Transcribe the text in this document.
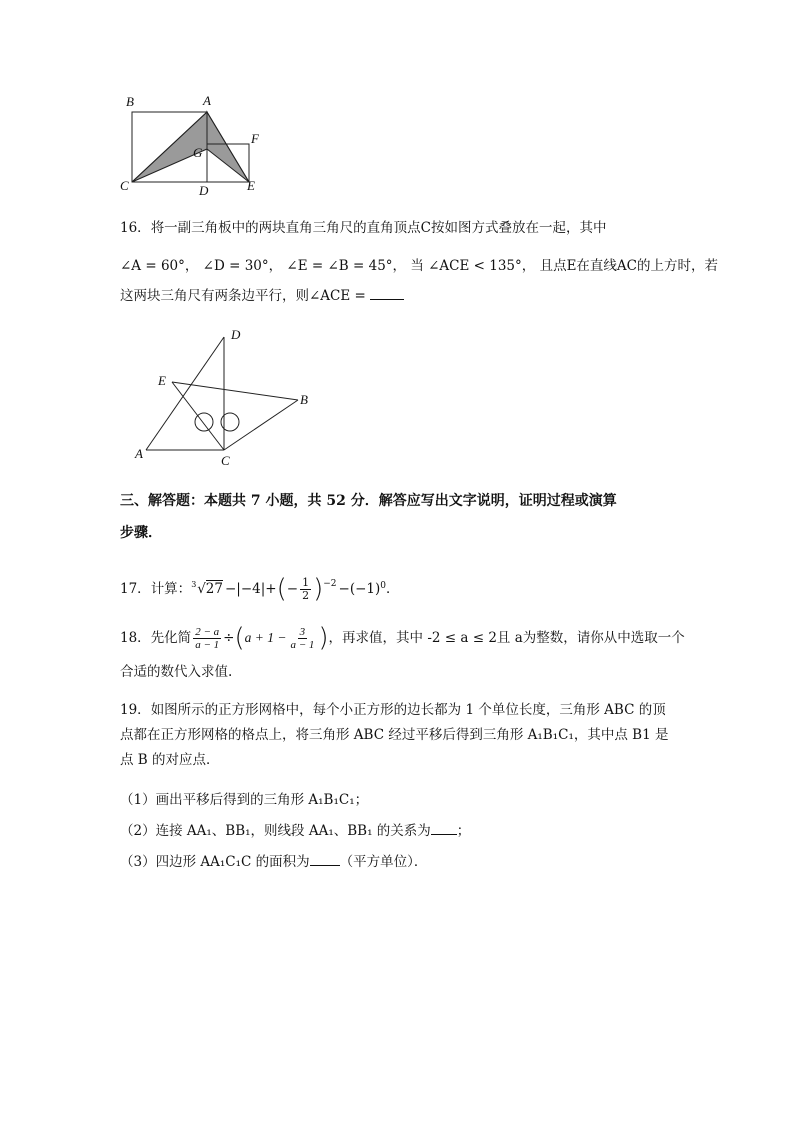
B	A
F
G
C	D	E
16．将一副三角板中的两块直角三角尺的直角顶点C按如图方式叠放在一起，其中
∠A = 60°， ∠D = 30°， ∠E = ∠B = 45°， 当 ∠ACE < 135°， 且点E在直线AC的上方时，若
这两块三角尺有两条边平行，则∠ACE =
D
E
B
A	C
三、解答题：本题共 7 小题，共 52 分．解答应写出文字说明，证明过程或演算
步骤．
17． 计算： 3 √27 −|−4|+ ( − $\frac{1}{2} )^{-2} -(-1)^0$ ．
18． 先化简 $\frac{2 - a}{a - 1}$ ÷ ( $a + 1 - \frac{3}{a - 1}$ ) ，再求值，其中 -2 ≤ a ≤ 2且 a为整数，请你从中选取一个
合适的数代入求值.
19．如图所示的正方形网格中，每个小正方形的边长都为 1 个单位长度，三角形 ABC 的顶
点都在正方形网格的格点上，将三角形 ABC 经过平移后得到三角形 A₁B₁C₁，其中点 B1 是
点 B 的对应点．
（1）画出平移后得到的三角形 A₁B₁C₁；
（2）连接 AA₁、BB₁，则线段 AA₁、BB₁ 的关系为 ；
（3）四边形 AA₁C₁C 的面积为 （平方单位）．
